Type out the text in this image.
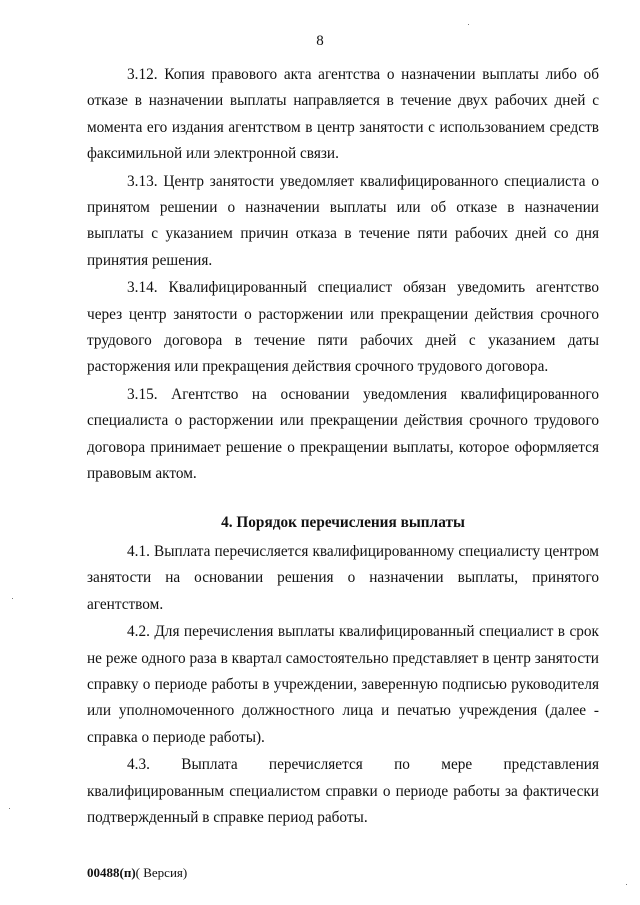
8

3.12. Копия правового акта агентства о назначении выплаты либо об отказе в назначении выплаты направляется в течение двух рабочих дней с момента его издания агентством в центр занятости с использованием средств факсимильной или электронной связи.

3.13. Центр занятости уведомляет квалифицированного специалиста о принятом решении о назначении выплаты или об отказе в назначении выплаты с указанием причин отказа в течение пяти рабочих дней со дня принятия решения.

3.14. Квалифицированный специалист обязан уведомить агентство через центр занятости о расторжении или прекращении действия срочного трудового договора в течение пяти рабочих дней с указанием даты расторжения или прекращения действия срочного трудового договора.

3.15. Агентство на основании уведомления квалифицированного специалиста о расторжении или прекращении действия срочного трудового договора принимает решение о прекращении выплаты, которое оформляется правовым актом.

4. Порядок перечисления выплаты

4.1. Выплата перечисляется квалифицированному специалисту центром занятости на основании решения о назначении выплаты, принятого агентством.

4.2. Для перечисления выплаты квалифицированный специалист в срок не реже одного раза в квартал самостоятельно представляет в центр занятости справку о периоде работы в учреждении, заверенную подписью руководителя или уполномоченного должностного лица и печатью учреждения (далее - справка о периоде работы).

4.3. Выплата перечисляется по мере представления квалифицированным специалистом справки о периоде работы за фактически подтвержденный в справке период работы.

00488(п)( Версия)
